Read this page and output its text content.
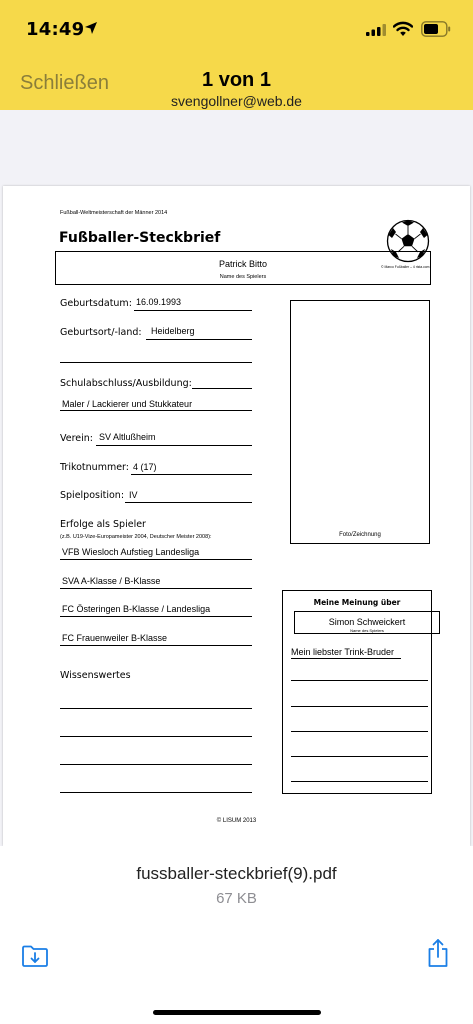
14:49
Schließen	1 von 1
svengollner@web.de
Fußball-Weltmeisterschaft der Männer 2014
Fußballer-Steckbrief
© Marco Fußballer – 4 rista.com
Patrick Bitto
Name des Spielers
Geburtsdatum: 16.09.1993
Geburtsort/-land: Heidelberg
Schulabschluss/Ausbildung:
Maler / Lackierer und Stukkateur
Verein: SV Altlußheim
Trikotnummer: 4 (17)
Spielposition: IV
Erfolge als Spieler
(z.B. U19-Vize-Europameister 2004, Deutscher Meister 2008):
VFB Wiesloch Aufstieg Landesliga
SVA A-Klasse / B-Klasse
FC Österingen B-Klasse / Landesliga
FC Frauenweiler B-Klasse
Wissenswertes
Foto/Zeichnung
Meine Meinung über
Simon Schweickert
Name des Spielers
Mein liebster Trink-Bruder
© LISUM 2013
fussballer-steckbrief(9).pdf
67 KB
